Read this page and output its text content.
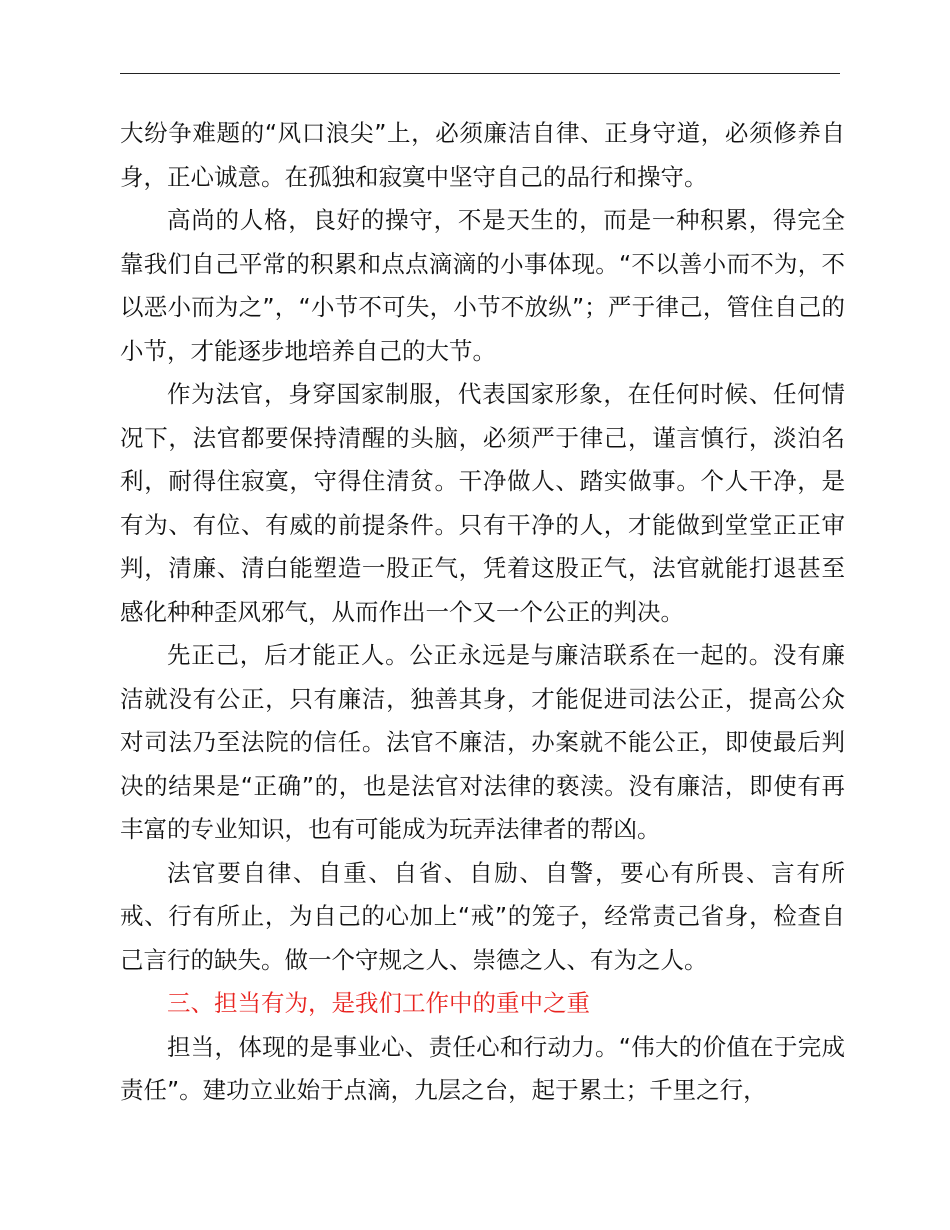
大纷争难题的“风口浪尖”上，必须廉洁自律、正身守道，必须修养自身，正心诚意。在孤独和寂寞中坚守自己的品行和操守。

高尚的人格，良好的操守，不是天生的，而是一种积累，得完全靠我们自己平常的积累和点点滴滴的小事体现。“不以善小而不为，不以恶小而为之”，“小节不可失，小节不放纵”；严于律己，管住自己的小节，才能逐步地培养自己的大节。

作为法官，身穿国家制服，代表国家形象，在任何时候、任何情况下，法官都要保持清醒的头脑，必须严于律己，谨言慎行，淡泊名利，耐得住寂寞，守得住清贫。干净做人、踏实做事。个人干净，是有为、有位、有威的前提条件。只有干净的人，才能做到堂堂正正审判，清廉、清白能塑造一股正气，凭着这股正气，法官就能打退甚至感化种种歪风邪气，从而作出一个又一个公正的判决。

先正己，后才能正人。公正永远是与廉洁联系在一起的。没有廉洁就没有公正，只有廉洁，独善其身，才能促进司法公正，提高公众对司法乃至法院的信任。法官不廉洁，办案就不能公正，即使最后判决的结果是“正确”的，也是法官对法律的亵渎。没有廉洁，即使有再丰富的专业知识，也有可能成为玩弄法律者的帮凶。

法官要自律、自重、自省、自励、自警，要心有所畏、言有所戒、行有所止，为自己的心加上“戒”的笼子，经常责己省身，检查自己言行的缺失。做一个守规之人、崇德之人、有为之人。

三、担当有为，是我们工作中的重中之重

担当，体现的是事业心、责任心和行动力。“伟大的价值在于完成责任”。建功立业始于点滴，九层之台，起于累土；千里之行，
